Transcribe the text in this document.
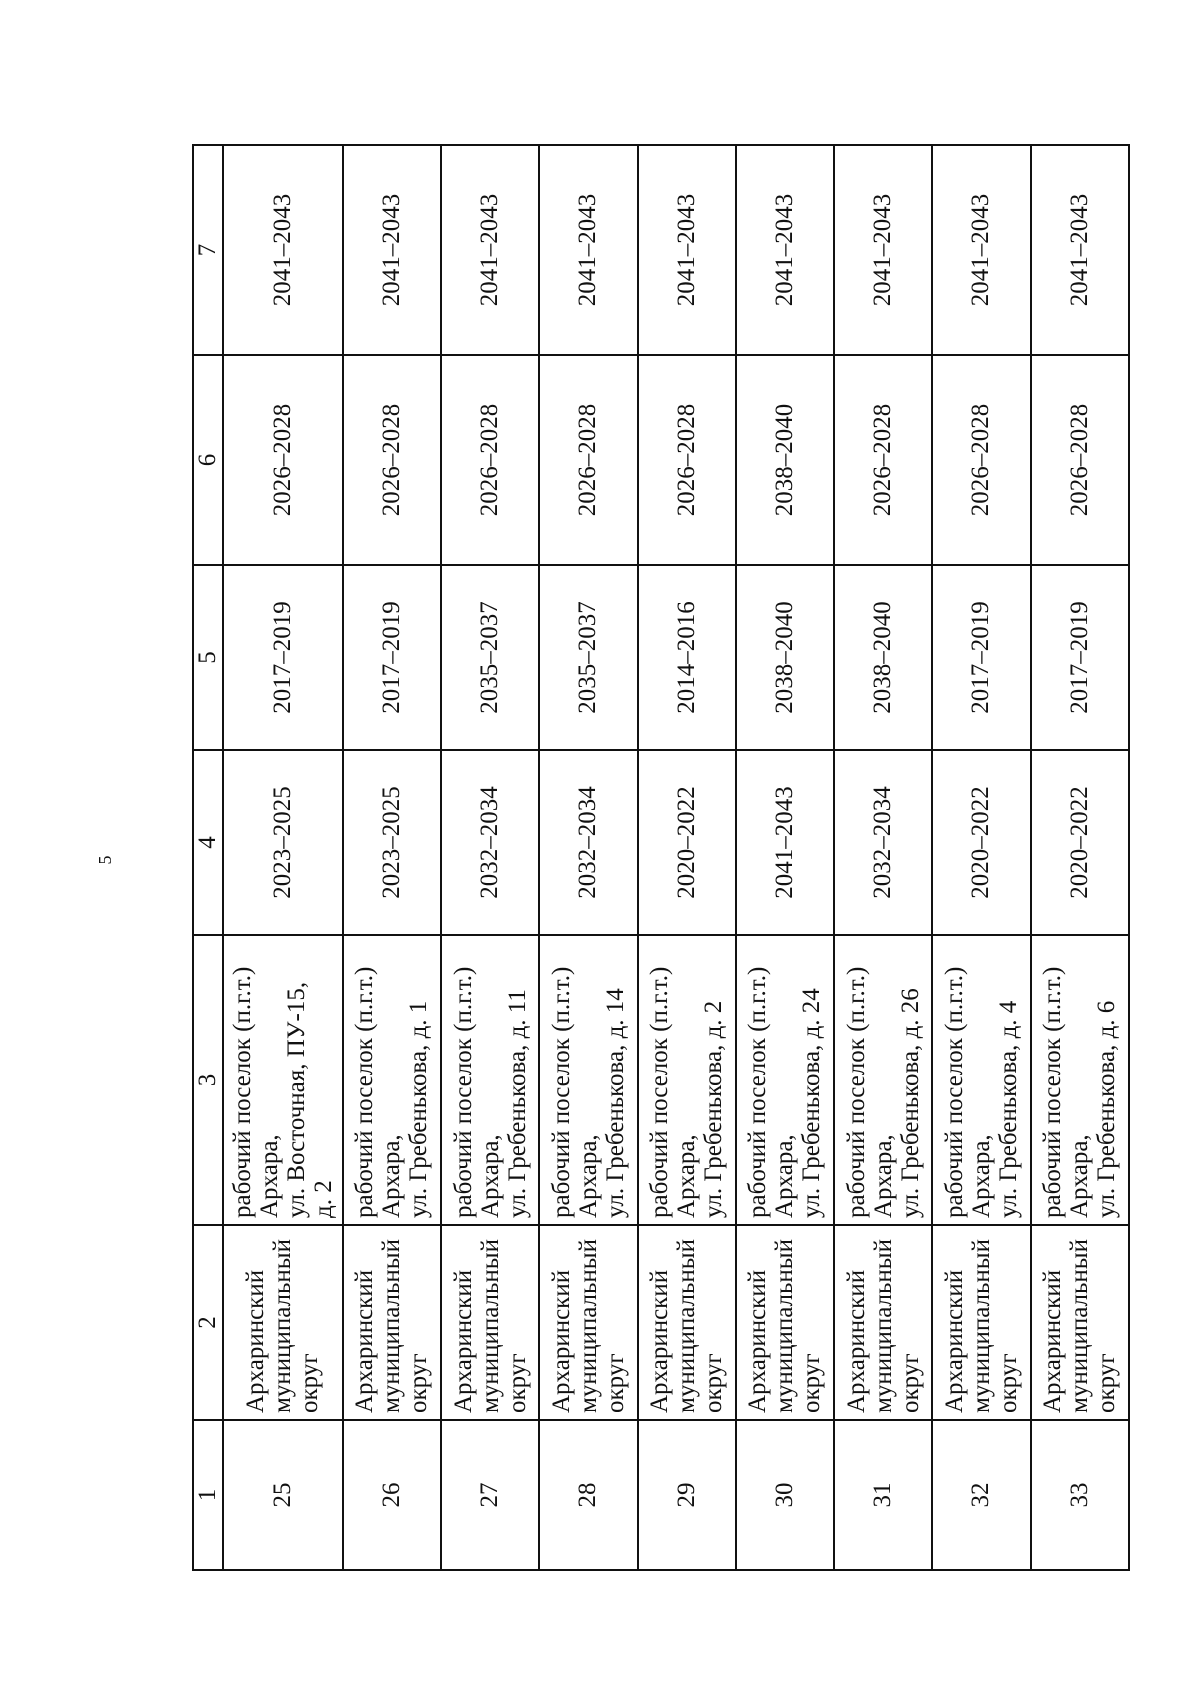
5
1	2	3	4	5	6	7
25	Архаринский муниципальный округ	рабочий поселок (п.г.т.) Архара, ул. Восточная, ПУ-15, д. 2	2023–2025	2017–2019	2026–2028	2041–2043
26	Архаринский муниципальный округ	рабочий поселок (п.г.т.) Архара, ул. Гребенькова, д. 1	2023–2025	2017–2019	2026–2028	2041–2043
27	Архаринский муниципальный округ	рабочий поселок (п.г.т.) Архара, ул. Гребенькова, д. 11	2032–2034	2035–2037	2026–2028	2041–2043
28	Архаринский муниципальный округ	рабочий поселок (п.г.т.) Архара, ул. Гребенькова, д. 14	2032–2034	2035–2037	2026–2028	2041–2043
29	Архаринский муниципальный округ	рабочий поселок (п.г.т.) Архара, ул. Гребенькова, д. 2	2020–2022	2014–2016	2026–2028	2041–2043
30	Архаринский муниципальный округ	рабочий поселок (п.г.т.) Архара, ул. Гребенькова, д. 24	2041–2043	2038–2040	2038–2040	2041–2043
31	Архаринский муниципальный округ	рабочий поселок (п.г.т.) Архара, ул. Гребенькова, д. 26	2032–2034	2038–2040	2026–2028	2041–2043
32	Архаринский муниципальный округ	рабочий поселок (п.г.т.) Архара, ул. Гребенькова, д. 4	2020–2022	2017–2019	2026–2028	2041–2043
33	Архаринский муниципальный округ	рабочий поселок (п.г.т.) Архара, ул. Гребенькова, д. 6	2020–2022	2017–2019	2026–2028	2041–2043
